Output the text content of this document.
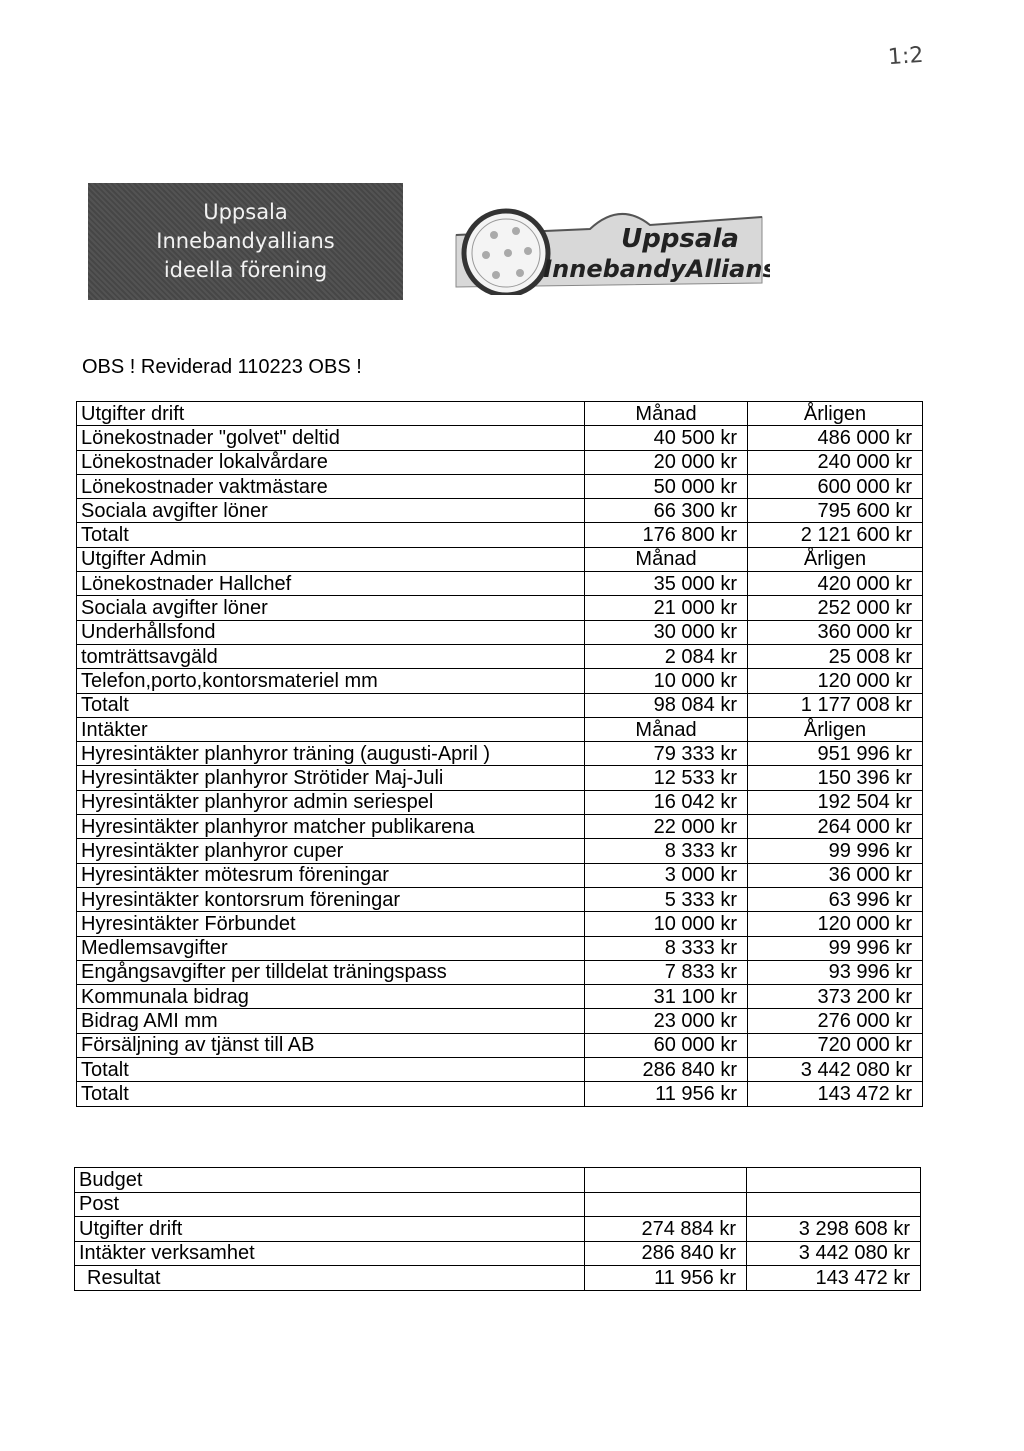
1:2
Uppsala
Innebandyallians
ideella förening
Uppsala
InnebandyAllians
OBS ! Reviderad 110223 OBS !
Utgifter drift	Månad	Årligen
Lönekostnader "golvet" deltid	40 500 kr	486 000 kr
Lönekostnader lokalvårdare	20 000 kr	240 000 kr
Lönekostnader vaktmästare	50 000 kr	600 000 kr
Sociala avgifter löner	66 300 kr	795 600 kr
Totalt	176 800 kr	2 121 600 kr
Utgifter Admin	Månad	Årligen
Lönekostnader Hallchef	35 000 kr	420 000 kr
Sociala avgifter löner	21 000 kr	252 000 kr
Underhållsfond	30 000 kr	360 000 kr
tomträttsavgäld	2 084 kr	25 008 kr
Telefon,porto,kontorsmateriel mm	10 000 kr	120 000 kr
Totalt	98 084 kr	1 177 008 kr
Intäkter	Månad	Årligen
Hyresintäkter planhyror träning (augusti-April )	79 333 kr	951 996 kr
Hyresintäkter planhyror Strötider Maj-Juli	12 533 kr	150 396 kr
Hyresintäkter planhyror admin seriespel	16 042 kr	192 504 kr
Hyresintäkter planhyror matcher publikarena	22 000 kr	264 000 kr
Hyresintäkter planhyror cuper	8 333 kr	99 996 kr
Hyresintäkter mötesrum föreningar	3 000 kr	36 000 kr
Hyresintäkter kontorsrum föreningar	5 333 kr	63 996 kr
Hyresintäkter Förbundet	10 000 kr	120 000 kr
Medlemsavgifter	8 333 kr	99 996 kr
Engångsavgifter per tilldelat träningspass	7 833 kr	93 996 kr
Kommunala bidrag	31 100 kr	373 200 kr
Bidrag AMI mm	23 000 kr	276 000 kr
Försäljning av tjänst till AB	60 000 kr	720 000 kr
Totalt	286 840 kr	3 442 080 kr
Totalt	11 956 kr	143 472 kr
Budget		
Post		
Utgifter drift	274 884 kr	3 298 608 kr
Intäkter verksamhet	286 840 kr	3 442 080 kr
Resultat	11 956 kr	143 472 kr
